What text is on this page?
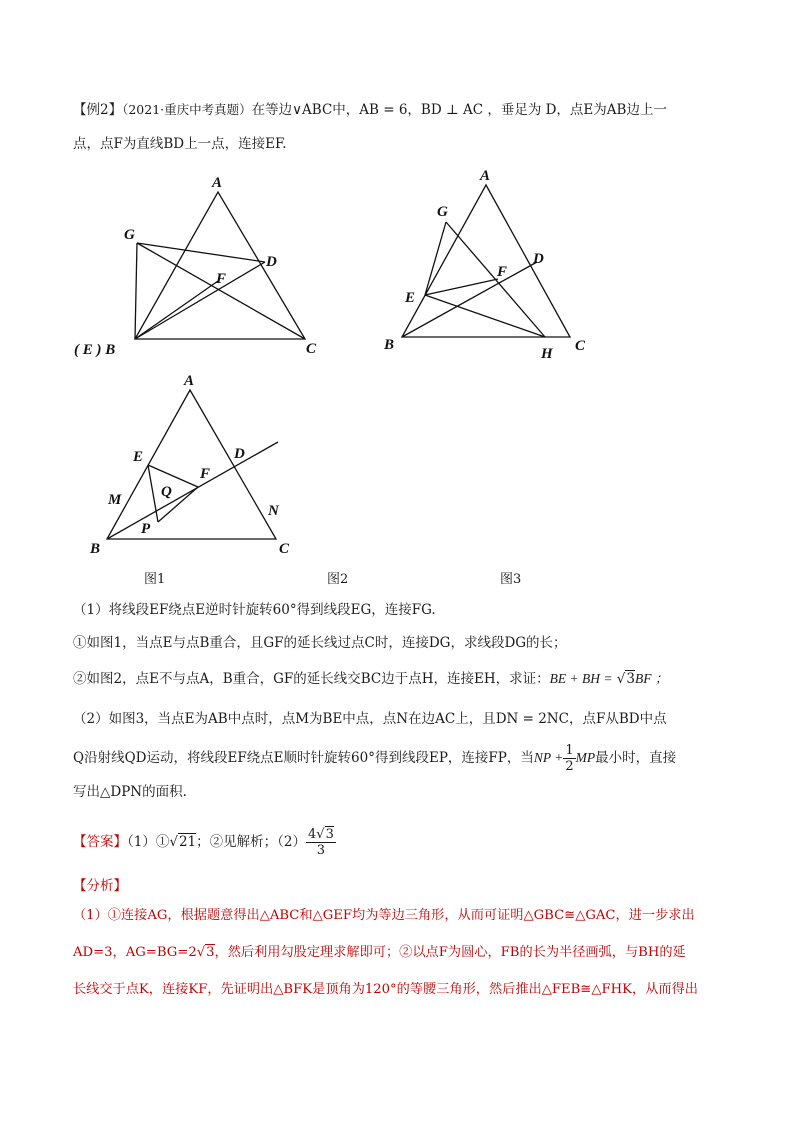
【例2】（2021·重庆中考真题）在等边∨ABC中，AB = 6，BD ⊥ AC ，垂足为 D，点E为AB边上一
点，点F为直线BD上一点，连接EF.
A
G
D
F
( E ) B	C
A
G
D
F
E
B
H C
A
E	D
F
M	Q
P
N
B	C
图1	图2	图3
（1）将线段EF绕点E逆时针旋转60°得到线段EG，连接FG.
①如图1，当点E与点B重合，且GF的延长线过点C时，连接DG，求线段DG的长；
②如图2，点E不与点A，B重合，GF的延长线交BC边于点H，连接EH，求证：BE + BH = √3BF ；
（2）如图3，当点E为AB中点时，点M为BE中点，点N在边AC上，且DN = 2NC，点F从BD中点
Q沿射线QD运动，将线段EF绕点E顺时针旋转60°得到线段EP，连接FP，当NP + $\frac{1}{2}$ MP最小时，直接
写出△DPN的面积.
【答案】（1）①√21；②见解析；$(2) \frac{4√3}{3}$
【分析】
（1）①连接AG，根据题意得出△ABC和△GEF均为等边三角形，从而可证明△GBC≅△GAC，进一步求出
AD=3，AG=BG=2√3，然后利用勾股定理求解即可；②以点F为圆心，FB的长为半径画弧，与BH的延
长线交于点K，连接KF，先证明出△BFK是顶角为120°的等腰三角形，然后推出△FEB≅△FHK，从而得出
